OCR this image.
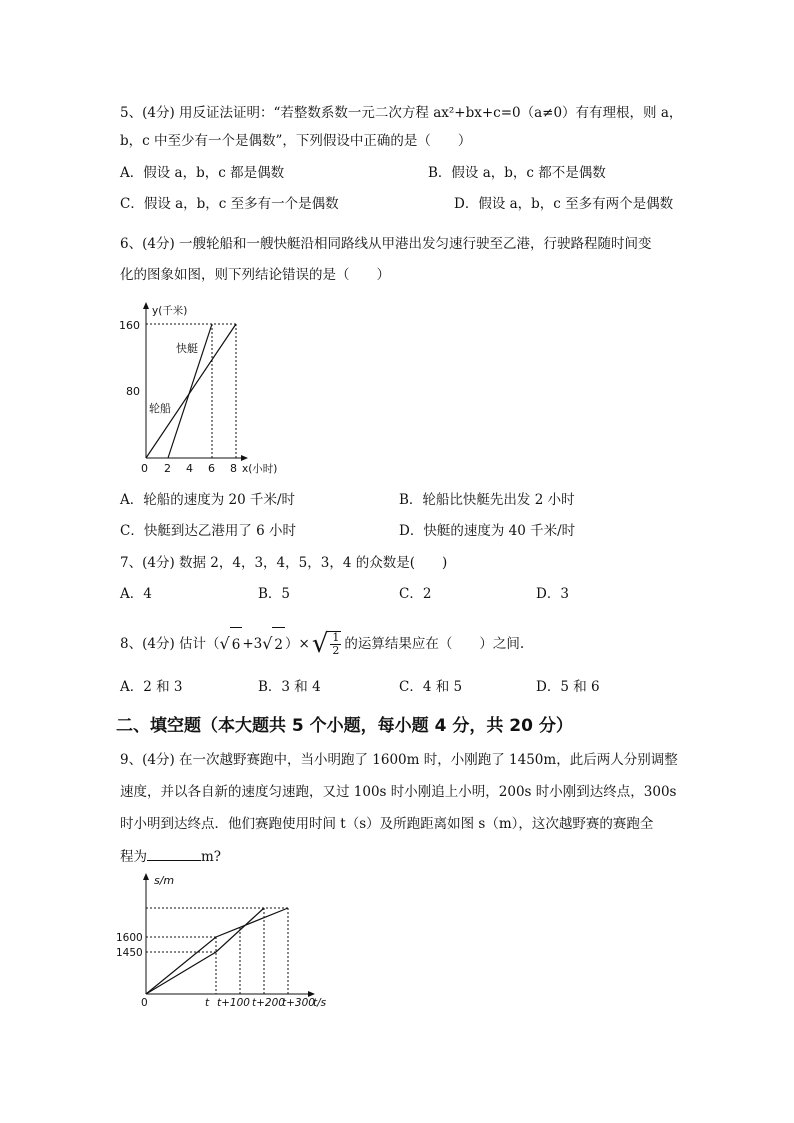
5、(4分) 用反证法证明：“若整数系数一元二次方程 ax²+bx+c=0（a≠0）有有理根，则 a，
b，c 中至少有一个是偶数”，下列假设中正确的是（　　）
A．假设 a，b，c 都是偶数	B．假设 a，b，c 都不是偶数
C．假设 a，b，c 至多有一个是偶数	D．假设 a，b，c 至多有两个是偶数
6、(4分) 一艘轮船和一艘快艇沿相同路线从甲港出发匀速行驶至乙港，行驶路程随时间变
化的图象如图，则下列结论错误的是（　　）
160
80
0 2 4 6 8
y(千米)
x(小时)
快艇
轮船
A．轮船的速度为 20 千米/时	B．轮船比快艇先出发 2 小时
C．快艇到达乙港用了 6 小时	D．快艇的速度为 40 千米/时
7、(4分) 数据 2，4，3，4，5，3，4 的众数是(　　)
A．4	B．5	C．2	D．3
8、(4分) 估计（ √ 6 +3 √ 2 ）× √ $\frac{1}{2}$ 的运算结果应在（　　）之间.
A．2 和 3	B．3 和 4	C．4 和 5	D．5 和 6
二、填空题（本大题共 5 个小题，每小题 4 分，共 20 分）
9、(4分) 在一次越野赛跑中，当小明跑了 1600m 时，小刚跑了 1450m，此后两人分别调整
速度，并以各自新的速度匀速跑，又过 100s 时小刚追上小明，200s 时小刚到达终点，300s
时小明到达终点．他们赛跑使用时间 t（s）及所跑距离如图 s（m），这次越野赛的赛跑全
程为	m?
s/m
1600
1450
0	t t+100 t+200
t+300
t/s
